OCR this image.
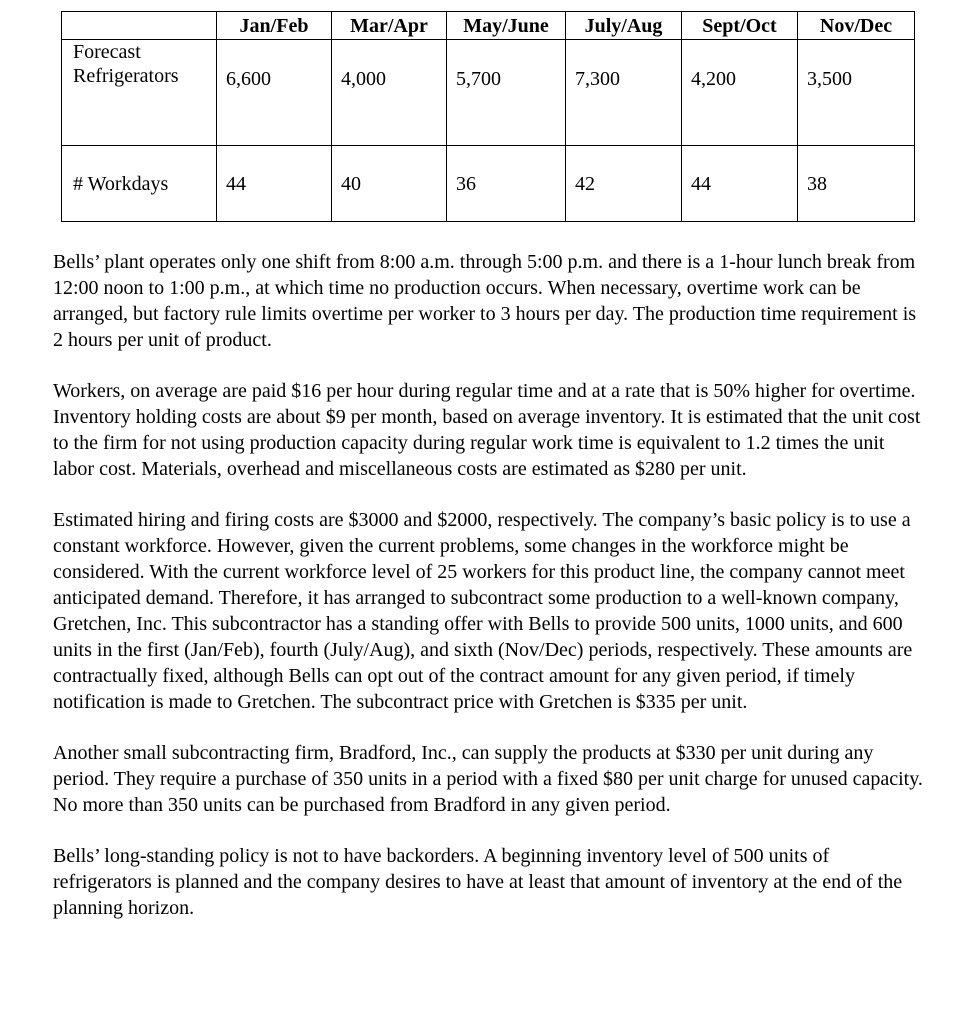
	Jan/Feb	Mar/Apr	May/June	July/Aug	Sept/Oct	Nov/Dec
Forecast
Refrigerators	6,600	4,000	5,700	7,300	4,200	3,500
# Workdays	44	40	36	42	44	38

Bells’ plant operates only one shift from 8:00 a.m. through 5:00 p.m. and there is a 1-hour lunch break from 12:00 noon to 1:00 p.m., at which time no production occurs. When necessary, overtime work can be arranged, but factory rule limits overtime per worker to 3 hours per day. The production time requirement is 2 hours per unit of product.

Workers, on average are paid $16 per hour during regular time and at a rate that is 50% higher for overtime. Inventory holding costs are about $9 per month, based on average inventory. It is estimated that the unit cost to the firm for not using production capacity during regular work time is equivalent to 1.2 times the unit labor cost. Materials, overhead and miscellaneous costs are estimated as $280 per unit.

Estimated hiring and firing costs are $3000 and $2000, respectively. The company’s basic policy is to use a constant workforce. However, given the current problems, some changes in the workforce might be considered. With the current workforce level of 25 workers for this product line, the company cannot meet anticipated demand. Therefore, it has arranged to subcontract some production to a well-known company, Gretchen, Inc. This subcontractor has a standing offer with Bells to provide 500 units, 1000 units, and 600 units in the first (Jan/Feb), fourth (July/Aug), and sixth (Nov/Dec) periods, respectively. These amounts are contractually fixed, although Bells can opt out of the contract amount for any given period, if timely notification is made to Gretchen. The subcontract price with Gretchen is $335 per unit.

Another small subcontracting firm, Bradford, Inc., can supply the products at $330 per unit during any period. They require a purchase of 350 units in a period with a fixed $80 per unit charge for unused capacity. No more than 350 units can be purchased from Bradford in any given period.

Bells’ long-standing policy is not to have backorders. A beginning inventory level of 500 units of refrigerators is planned and the company desires to have at least that amount of inventory at the end of the planning horizon.
